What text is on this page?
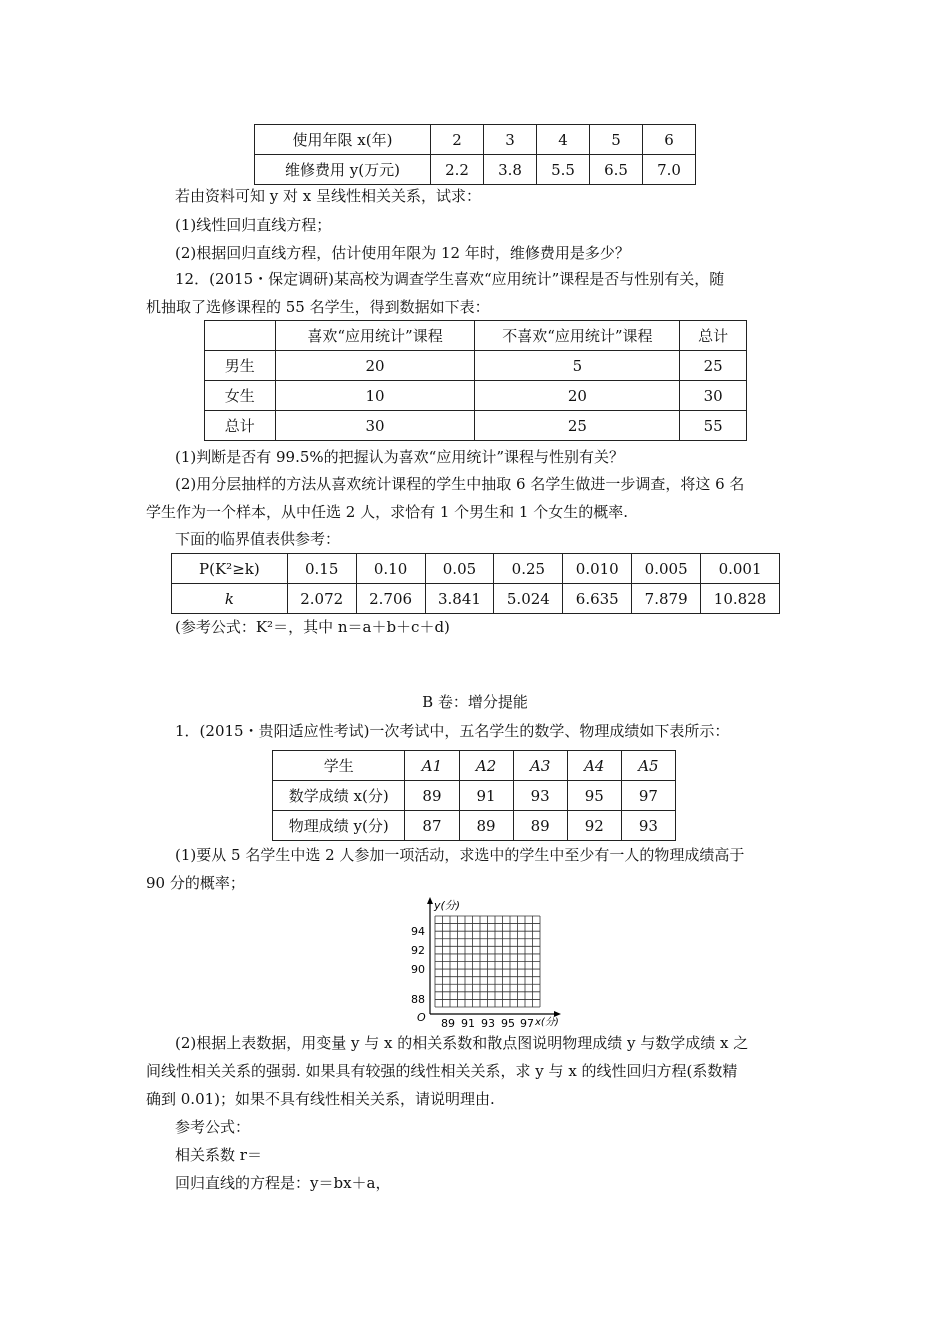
使用年限 x(年)	2	3	4	5	6
维修费用 y(万元)	2.2	3.8	5.5	6.5	7.0
若由资料可知 y 对 x 呈线性相关关系，试求：
(1)线性回归直线方程；
(2)根据回归直线方程，估计使用年限为 12 年时，维修费用是多少？
12．(2015・保定调研)某高校为调查学生喜欢“应用统计”课程是否与性别有关，随
机抽取了选修课程的 55 名学生，得到数据如下表：
	喜欢“应用统计”课程	不喜欢“应用统计”课程	总计
男生	20	5	25
女生	10	20	30
总计	30	25	55
(1)判断是否有 99.5%的把握认为喜欢“应用统计”课程与性别有关？
(2)用分层抽样的方法从喜欢统计课程的学生中抽取 6 名学生做进一步调查，将这 6 名
学生作为一个样本，从中任选 2 人，求恰有 1 个男生和 1 个女生的概率.
下面的临界值表供参考：
P(K²≥k)	0.15	0.10	0.05	0.25	0.010	0.005	0.001
k	2.072	2.706	3.841	5.024	6.635	7.879	10.828
(参考公式：K²＝，其中 n＝a＋b＋c＋d)
B 卷：增分提能
1．(2015・贵阳适应性考试)一次考试中，五名学生的数学、物理成绩如下表所示：
学生	A1	A2	A3	A4	A5
数学成绩 x(分)	89	91	93	95	97
物理成绩 y(分)	87	89	89	92	93
(1)要从 5 名学生中选 2 人参加一项活动，求选中的学生中至少有一人的物理成绩高于
90 分的概率；
y(分)
x(分)
O
94
92
90
88
89 91 93 95 97
(2)根据上表数据，用变量 y 与 x 的相关系数和散点图说明物理成绩 y 与数学成绩 x 之
间线性相关关系的强弱. 如果具有较强的线性相关关系，求 y 与 x 的线性回归方程(系数精
确到 0.01)；如果不具有线性相关关系，请说明理由.
参考公式：
相关系数 r＝
回归直线的方程是：y＝bx＋a，
